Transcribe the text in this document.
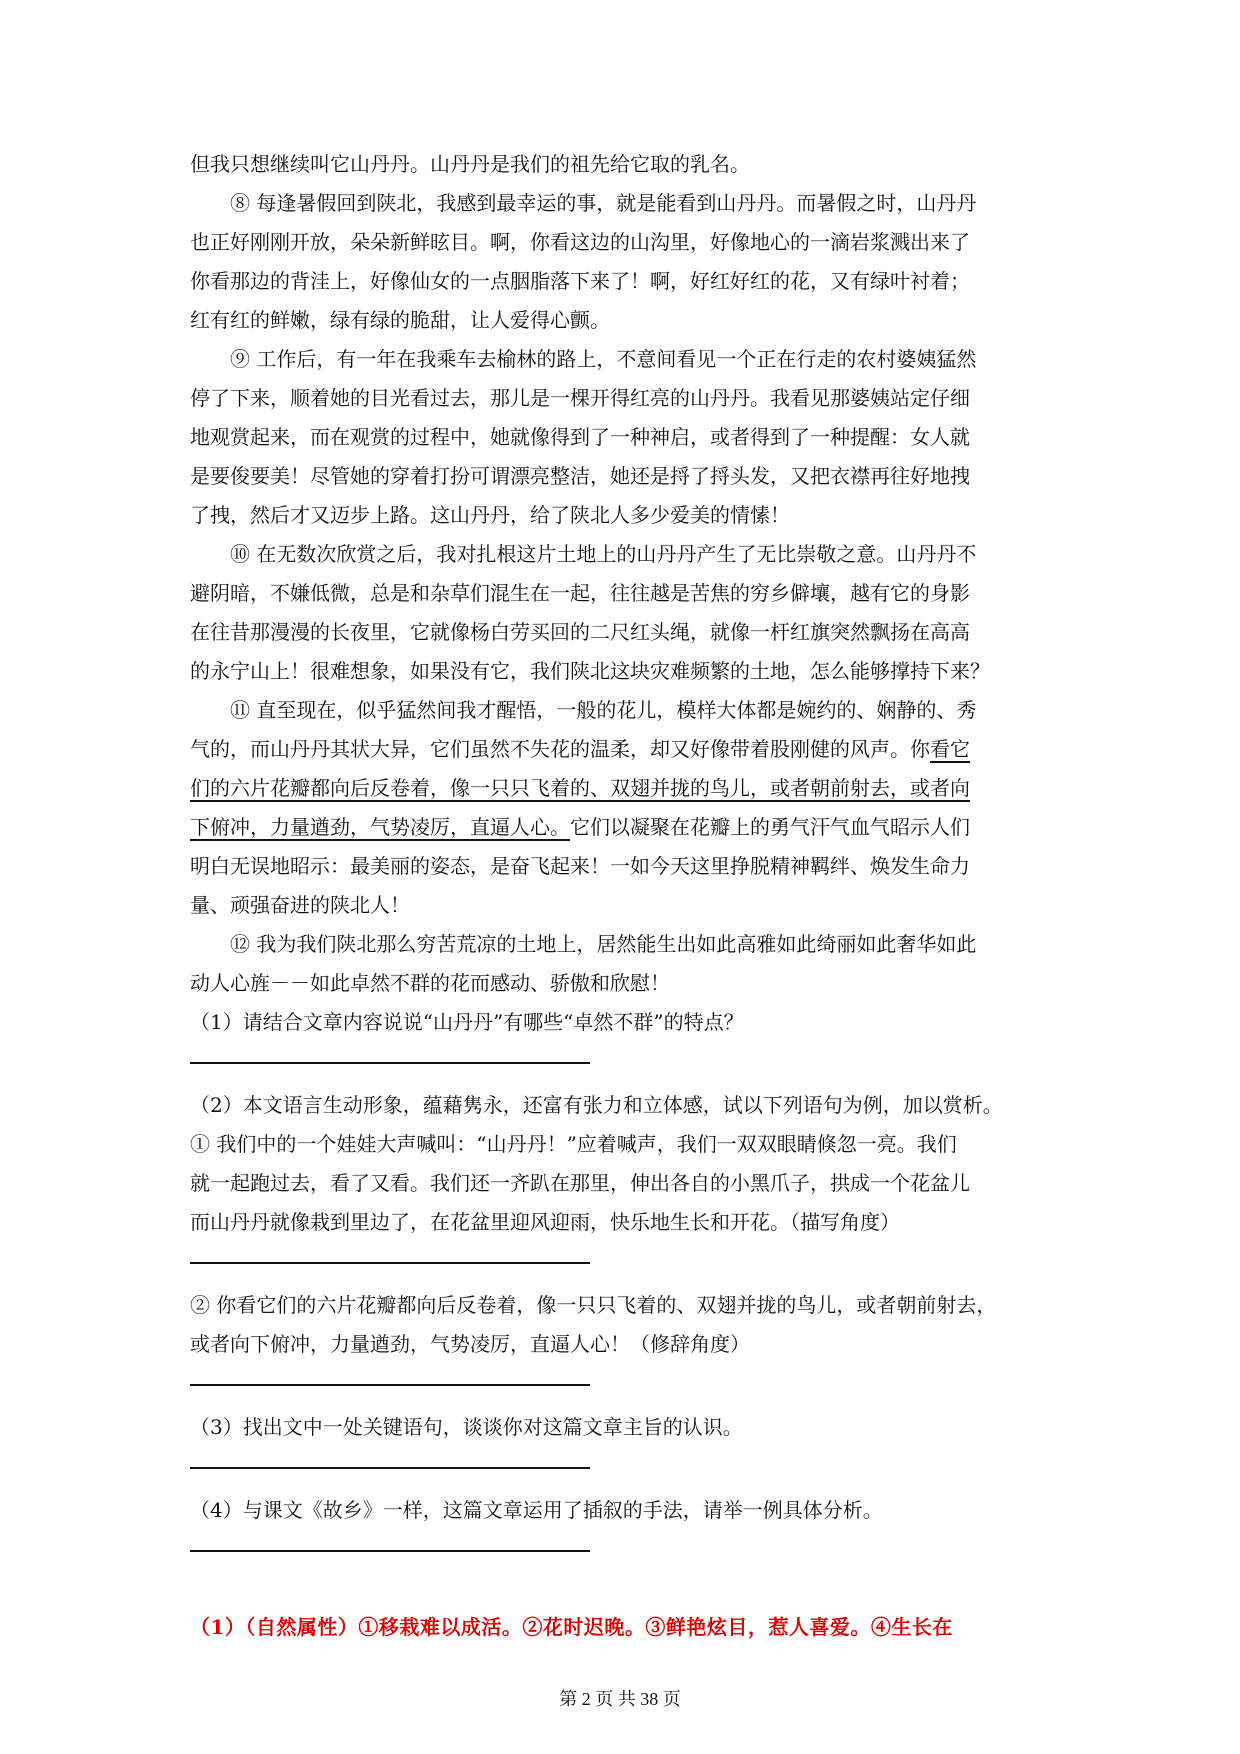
但我只想继续叫它山丹丹。山丹丹是我们的祖先给它取的乳名。
⑧ 每逢暑假回到陕北，我感到最幸运的事，就是能看到山丹丹。而暑假之时，山丹丹
也正好刚刚开放，朵朵新鲜昡目。啊，你看这边的山沟里，好像地心的一滴岩浆溅出来了
你看那边的背洼上，好像仙女的一点胭脂落下来了！啊，好红好红的花，又有绿叶衬着；
红有红的鲜嫩，绿有绿的脆甜，让人爱得心颤。
⑨ 工作后，有一年在我乘车去榆林的路上，不意间看见一个正在行走的农村婆姨猛然
停了下来，顺着她的目光看过去，那儿是一棵开得红亮的山丹丹。我看见那婆姨站定仔细
地观赏起来，而在观赏的过程中，她就像得到了一种神启，或者得到了一种提醒：女人就
是要俊要美！尽管她的穿着打扮可谓漂亮整洁，她还是捋了捋头发，又把衣襟再往好地拽
了拽，然后才又迈步上路。这山丹丹，给了陕北人多少爱美的情愫！
⑩ 在无数次欣赏之后，我对扎根这片土地上的山丹丹产生了无比崇敬之意。山丹丹不
避阴暗，不嫌低微，总是和杂草们混生在一起，往往越是苦焦的穷乡僻壤，越有它的身影
在往昔那漫漫的长夜里，它就像杨白劳买回的二尺红头绳，就像一杆红旗突然飘扬在高高
的永宁山上！很难想象，如果没有它，我们陕北这块灾难频繁的土地，怎么能够撑持下来？
⑪ 直至现在，似乎猛然间我才醒悟，一般的花儿，模样大体都是婉约的、娴静的、秀
气的，而山丹丹其状大异，它们虽然不失花的温柔，却又好像带着股刚健的风声。你看它
们的六片花瓣都向后反卷着，像一只只飞着的、双翅并拢的鸟儿，或者朝前射去，或者向
下俯冲，力量遒劲，气势凌厉，直逼人心。它们以凝聚在花瓣上的勇气汗气血气昭示人们
明白无误地昭示：最美丽的姿态，是奋飞起来！一如今天这里挣脱精神羁绊、焕发生命力
量、顽强奋进的陕北人！
⑫ 我为我们陕北那么穷苦荒凉的土地上，居然能生出如此高雅如此绮丽如此奢华如此
动人心旌－－如此卓然不群的花而感动、骄傲和欣慰！
（1）请结合文章内容说说“山丹丹”有哪些“卓然不群”的特点？
（2）本文语言生动形象，蕴藉隽永，还富有张力和立体感，试以下列语句为例，加以赏析。
① 我们中的一个娃娃大声喊叫：“山丹丹！”应着喊声，我们一双双眼睛倏忽一亮。我们
就一起跑过去，看了又看。我们还一齐趴在那里，伸出各自的小黑爪子，拱成一个花盆儿
而山丹丹就像栽到里边了，在花盆里迎风迎雨，快乐地生长和开花。（描写角度）
② 你看它们的六片花瓣都向后反卷着，像一只只飞着的、双翅并拢的鸟儿，或者朝前射去，
或者向下俯冲，力量遒劲，气势凌厉，直逼人心！（修辞角度）
（3）找出文中一处关键语句，谈谈你对这篇文章主旨的认识。
（4）与课文《故乡》一样，这篇文章运用了插叙的手法，请举一例具体分析。
（1）（自然属性）①移栽难以成活。②花时迟晚。③鲜艳炫目，惹人喜爱。④生长在
第 2 页 共 38 页
